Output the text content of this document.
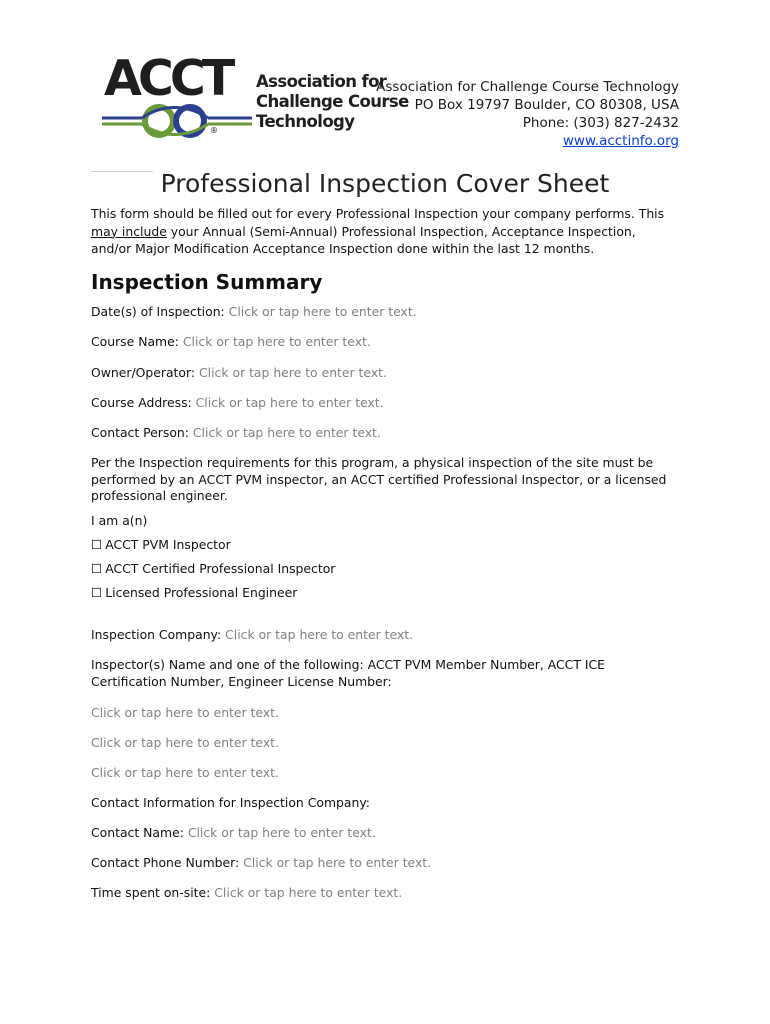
ACCT Association for
Challenge Course
Technology
®
Association for Challenge Course Technology
PO Box 19797 Boulder, CO 80308, USA
Phone: (303) 827-2432
www.acctinfo.org
Professional Inspection Cover Sheet
This form should be filled out for every Professional Inspection your company performs. This
may include your Annual (Semi-Annual) Professional Inspection, Acceptance Inspection,
and/or Major Modification Acceptance Inspection done within the last 12 months.
Inspection Summary
Date(s) of Inspection: Click or tap here to enter text.
Course Name: Click or tap here to enter text.
Owner/Operator: Click or tap here to enter text.
Course Address: Click or tap here to enter text.
Contact Person: Click or tap here to enter text.
Per the Inspection requirements for this program, a physical inspection of the site must be performed by an ACCT PVM inspector, an ACCT certified Professional Inspector, or a licensed professional engineer.
I am a(n)
☐ ACCT PVM Inspector
☐ ACCT Certified Professional Inspector
☐ Licensed Professional Engineer
Inspection Company: Click or tap here to enter text.
Inspector(s) Name and one of the following: ACCT PVM Member Number, ACCT ICE Certification Number, Engineer License Number:
Click or tap here to enter text.
Click or tap here to enter text.
Click or tap here to enter text.
Contact Information for Inspection Company:
Contact Name: Click or tap here to enter text.
Contact Phone Number: Click or tap here to enter text.
Time spent on-site: Click or tap here to enter text.
